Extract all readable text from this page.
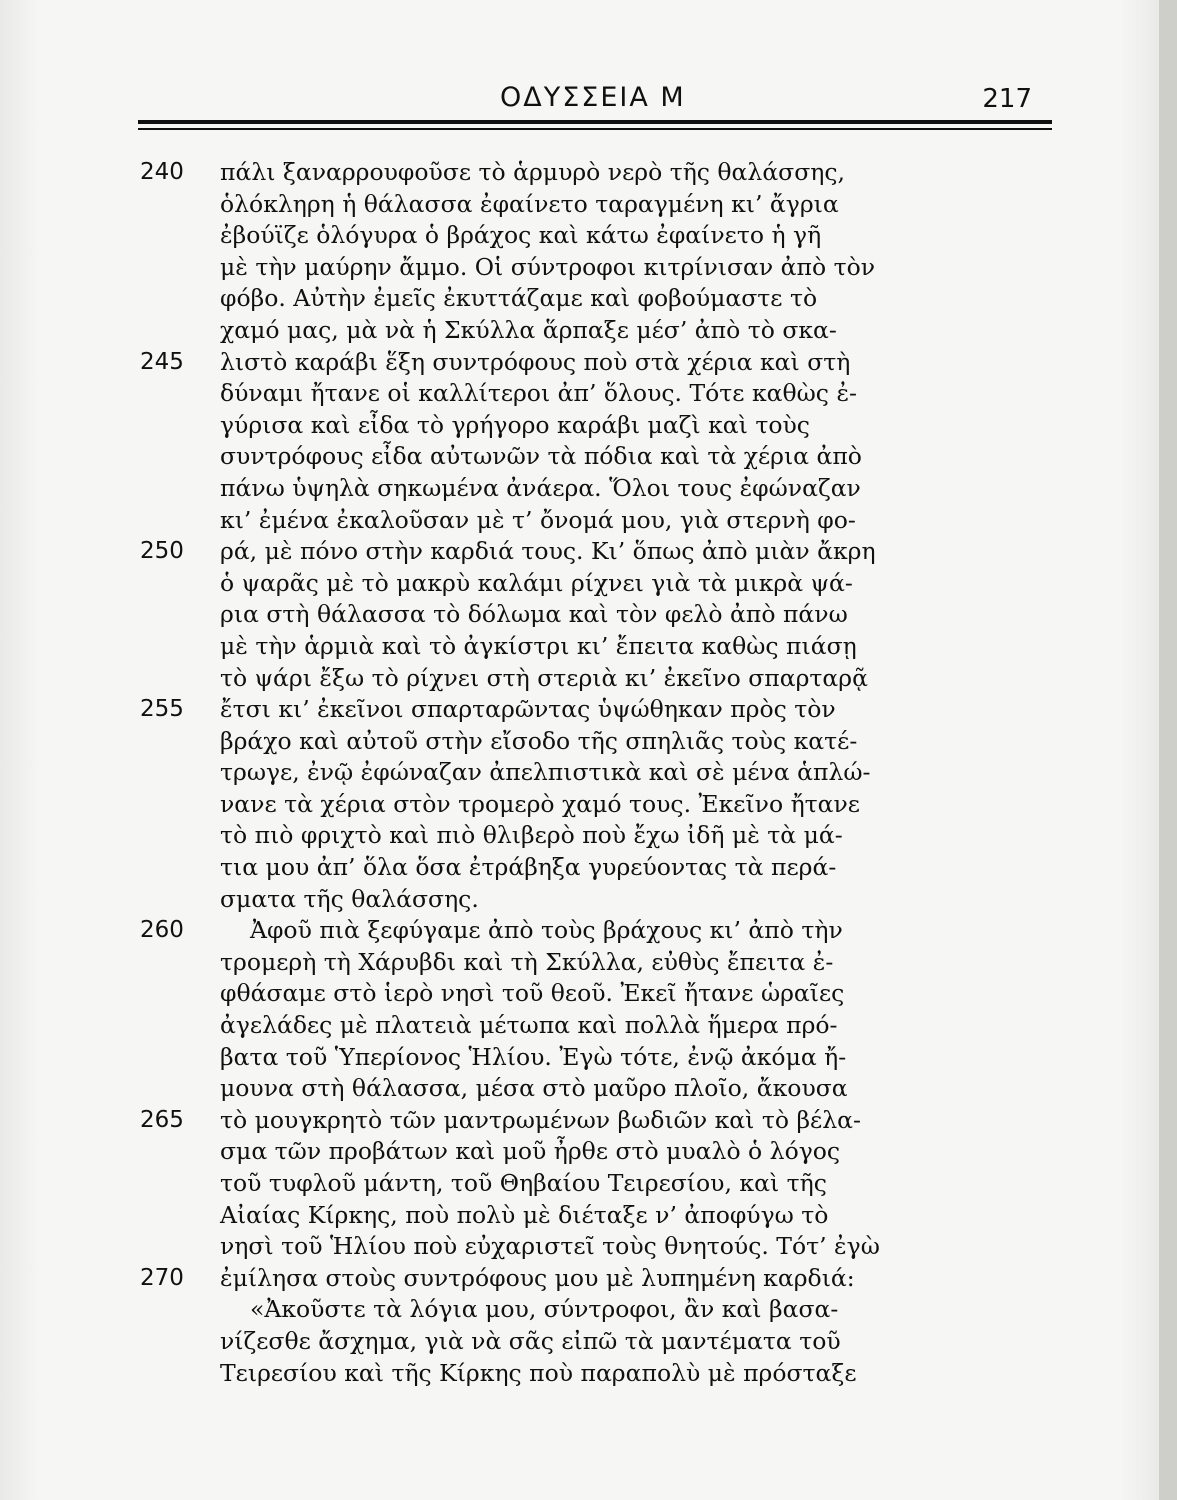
ΟΔΥΣΣΕΙΑ Μ	217
240	πάλι ξαναρρουφοῦσε τὸ ἁρμυρὸ νερὸ τῆς θαλάσσης,
ὁλόκληρη ἡ θάλασσα ἐφαίνετο ταραγμένη κι’ ἄγρια
ἐβούϊζε ὁλόγυρα ὁ βράχος καὶ κάτω ἐφαίνετο ἡ γῆ
μὲ τὴν μαύρην ἄμμο. Οἱ σύντροφοι κιτρίνισαν ἀπὸ τὸν
φόβο. Αὐτὴν ἐμεῖς ἐκυττάζαμε καὶ φοβούμαστε τὸ
χαμό μας, μὰ νὰ ἡ Σκύλλα ἅρπαξε μέσ’ ἀπὸ τὸ σκα-
245	λιστὸ καράβι ἕξη συντρόφους ποὺ στὰ χέρια καὶ στὴ
δύναμι ἤτανε οἱ καλλίτεροι ἀπ’ ὅλους. Τότε καθὼς ἐ-
γύρισα καὶ εἶδα τὸ γρήγορο καράβι μαζὶ καὶ τοὺς
συντρόφους εἶδα αὐτωνῶν τὰ πόδια καὶ τὰ χέρια ἀπὸ
πάνω ὑψηλὰ σηκωμένα ἀνάερα. Ὅλοι τους ἐφώναζαν
κι’ ἐμένα ἐκαλοῦσαν μὲ τ’ ὄνομά μου, γιὰ στερνὴ φο-
250	ρά, μὲ πόνο στὴν καρδιά τους. Κι’ ὅπως ἀπὸ μιὰν ἄκρη
ὁ ψαρᾶς μὲ τὸ μακρὺ καλάμι ρίχνει γιὰ τὰ μικρὰ ψά-
ρια στὴ θάλασσα τὸ δόλωμα καὶ τὸν φελὸ ἀπὸ πάνω
μὲ τὴν ἁρμιὰ καὶ τὸ ἀγκίστρι κι’ ἔπειτα καθὼς πιάσῃ
τὸ ψάρι ἔξω τὸ ρίχνει στὴ στεριὰ κι’ ἐκεῖνο σπαρταρᾷ
255	ἔτσι κι’ ἐκεῖνοι σπαρταρῶντας ὑψώθηκαν πρὸς τὸν
βράχο καὶ αὐτοῦ στὴν εἴσοδο τῆς σπηλιᾶς τοὺς κατέ-
τρωγε, ἐνῷ ἐφώναζαν ἀπελπιστικὰ καὶ σὲ μένα ἁπλώ-
νανε τὰ χέρια στὸν τρομερὸ χαμό τους. Ἐκεῖνο ἤτανε
τὸ πιὸ φριχτὸ καὶ πιὸ θλιβερὸ ποὺ ἔχω ἰδῆ μὲ τὰ μά-
τια μου ἀπ’ ὅλα ὅσα ἐτράβηξα γυρεύοντας τὰ περά-
σματα τῆς θαλάσσης.
260	Ἀφοῦ πιὰ ξεφύγαμε ἀπὸ τοὺς βράχους κι’ ἀπὸ τὴν
τρομερὴ τὴ Χάρυβδι καὶ τὴ Σκύλλα, εὐθὺς ἔπειτα ἐ-
φθάσαμε στὸ ἱερὸ νησὶ τοῦ θεοῦ. Ἐκεῖ ἤτανε ὡραῖες
ἀγελάδες μὲ πλατειὰ μέτωπα καὶ πολλὰ ἥμερα πρό-
βατα τοῦ Ὑπερίονος Ἡλίου. Ἐγὼ τότε, ἐνῷ ἀκόμα ἤ-
μουνα στὴ θάλασσα, μέσα στὸ μαῦρο πλοῖο, ἄκουσα
265	τὸ μουγκρητὸ τῶν μαντρωμένων βωδιῶν καὶ τὸ βέλα-
σμα τῶν προβάτων καὶ μοῦ ἦρθε στὸ μυαλὸ ὁ λόγος
τοῦ τυφλοῦ μάντη, τοῦ Θηβαίου Τειρεσίου, καὶ τῆς
Αἰαίας Κίρκης, ποὺ πολὺ μὲ διέταξε ν’ ἀποφύγω τὸ
νησὶ τοῦ Ἡλίου ποὺ εὐχαριστεῖ τοὺς θνητούς. Τότ’ ἐγὼ
270	ἐμίλησα στοὺς συντρόφους μου μὲ λυπημένη καρδιά:
«Ἀκοῦστε τὰ λόγια μου, σύντροφοι, ἂν καὶ βασα-
νίζεσθε ἄσχημα, γιὰ νὰ σᾶς εἰπῶ τὰ μαντέματα τοῦ
Τειρεσίου καὶ τῆς Κίρκης ποὺ παραπολὺ μὲ πρόσταξε
